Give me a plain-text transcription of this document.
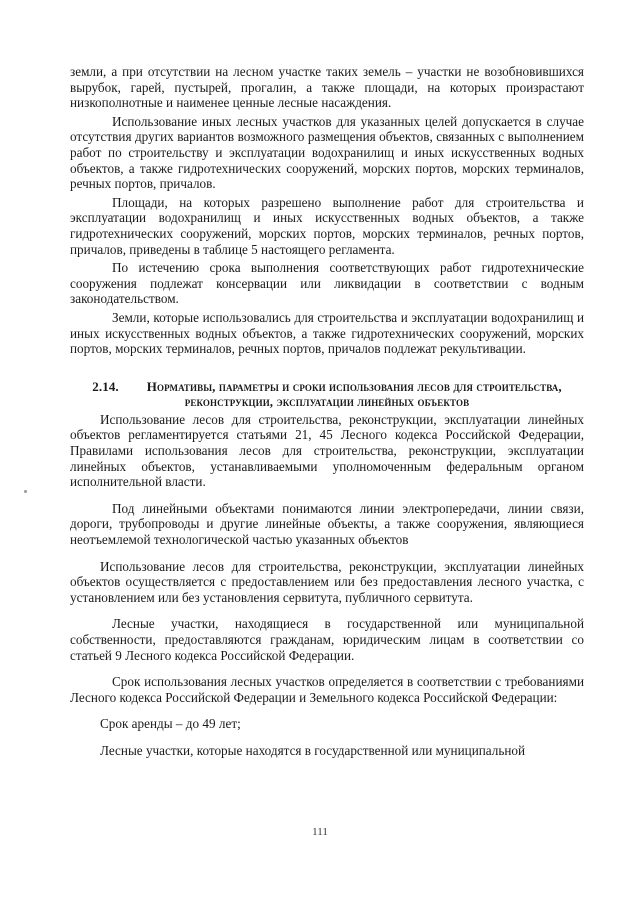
земли, а при отсутствии на лесном участке таких земель – участки не возобновившихся вырубок, гарей, пустырей, прогалин, а также площади, на которых произрастают низкополнотные и наименее ценные лесные насаждения.

Использование иных лесных участков для указанных целей допускается в случае отсутствия других вариантов возможного размещения объектов, связанных с выполнением работ по строительству и эксплуатации водохранилищ и иных искусственных водных объектов, а также гидротехнических сооружений, морских портов, морских терминалов, речных портов, причалов.

Площади, на которых разрешено выполнение работ для строительства и эксплуатации водохранилищ и иных искусственных водных объектов, а также гидротехнических сооружений, морских портов, морских терминалов, речных портов, причалов, приведены в таблице 5 настоящего регламента.

По истечению срока выполнения соответствующих работ гидротехнические сооружения подлежат консервации или ликвидации в соответствии с водным законодательством.

Земли, которые использовались для строительства и эксплуатации водохранилищ и иных искусственных водных объектов, а также гидротехнических сооружений, морских портов, морских терминалов, речных портов, причалов подлежат рекультивации.

2.14. Нормативы, параметры и сроки использования лесов для строительства, реконструкции, эксплуатации линейных объектов

Использование лесов для строительства, реконструкции, эксплуатации линейных объектов регламентируется статьями 21, 45 Лесного кодекса Российской Федерации, Правилами использования лесов для строительства, реконструкции, эксплуатации линейных объектов, устанавливаемыми уполномоченным федеральным органом исполнительной власти.

Под линейными объектами понимаются линии электропередачи, линии связи, дороги, трубопроводы и другие линейные объекты, а также сооружения, являющиеся неотъемлемой технологической частью указанных объектов

Использование лесов для строительства, реконструкции, эксплуатации линейных объектов осуществляется с предоставлением или без предоставления лесного участка, с установлением или без установления сервитута, публичного сервитута.

Лесные участки, находящиеся в государственной или муниципальной собственности, предоставляются гражданам, юридическим лицам в соответствии со статьей 9 Лесного кодекса Российской Федерации.

Срок использования лесных участков определяется в соответствии с требованиями Лесного кодекса Российской Федерации и Земельного кодекса Российской Федерации:

Срок аренды – до 49 лет;

Лесные участки, которые находятся в государственной или муниципальной

111
